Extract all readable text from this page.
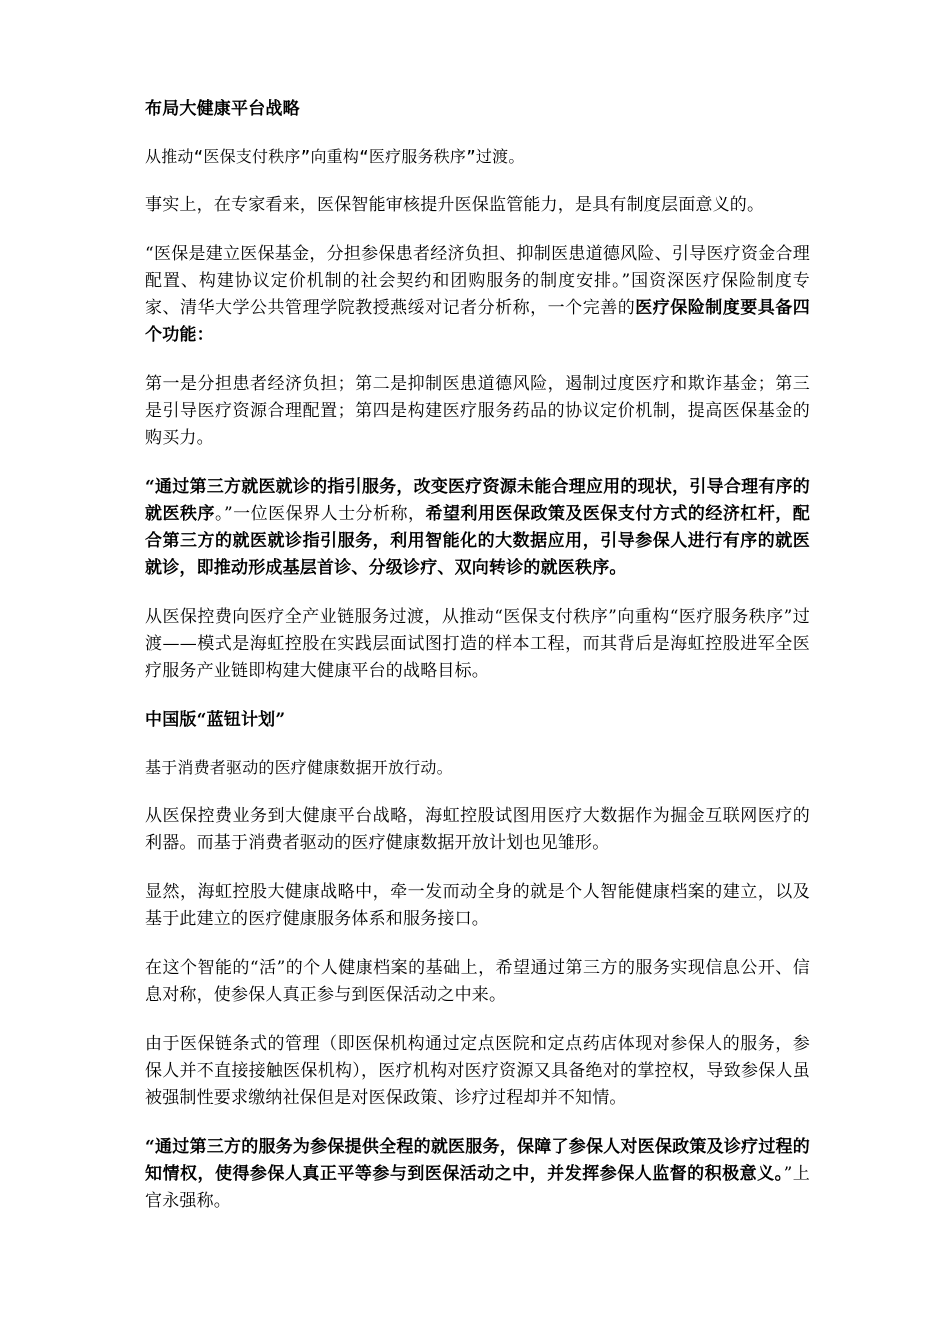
布局大健康平台战略

从推动“医保支付秩序”向重构“医疗服务秩序”过渡。

事实上，在专家看来，医保智能审核提升医保监管能力，是具有制度层面意义的。

“医保是建立医保基金，分担参保患者经济负担、抑制医患道德风险、引导医疗资金合理配置、构建协议定价机制的社会契约和团购服务的制度安排。”国资深医疗保险制度专家、清华大学公共管理学院教授燕绥对记者分析称，一个完善的医疗保险制度要具备四个功能：

第一是分担患者经济负担；第二是抑制医患道德风险，遏制过度医疗和欺诈基金；第三是引导医疗资源合理配置；第四是构建医疗服务药品的协议定价机制，提高医保基金的购买力。

“通过第三方就医就诊的指引服务，改变医疗资源未能合理应用的现状，引导合理有序的就医秩序。”一位医保界人士分析称，希望利用医保政策及医保支付方式的经济杠杆，配合第三方的就医就诊指引服务，利用智能化的大数据应用，引导参保人进行有序的就医就诊，即推动形成基层首诊、分级诊疗、双向转诊的就医秩序。

从医保控费向医疗全产业链服务过渡，从推动“医保支付秩序”向重构“医疗服务秩序”过渡——模式是海虹控股在实践层面试图打造的样本工程，而其背后是海虹控股进军全医疗服务产业链即构建大健康平台的战略目标。

中国版“蓝钮计划”

基于消费者驱动的医疗健康数据开放行动。

从医保控费业务到大健康平台战略，海虹控股试图用医疗大数据作为掘金互联网医疗的利器。而基于消费者驱动的医疗健康数据开放计划也见雏形。

显然，海虹控股大健康战略中，牵一发而动全身的就是个人智能健康档案的建立，以及基于此建立的医疗健康服务体系和服务接口。

在这个智能的“活”的个人健康档案的基础上，希望通过第三方的服务实现信息公开、信息对称，使参保人真正参与到医保活动之中来。

由于医保链条式的管理（即医保机构通过定点医院和定点药店体现对参保人的服务，参保人并不直接接触医保机构），医疗机构对医疗资源又具备绝对的掌控权，导致参保人虽被强制性要求缴纳社保但是对医保政策、诊疗过程却并不知情。

“通过第三方的服务为参保提供全程的就医服务，保障了参保人对医保政策及诊疗过程的知情权，使得参保人真正平等参与到医保活动之中，并发挥参保人监督的积极意义。”上官永强称。
